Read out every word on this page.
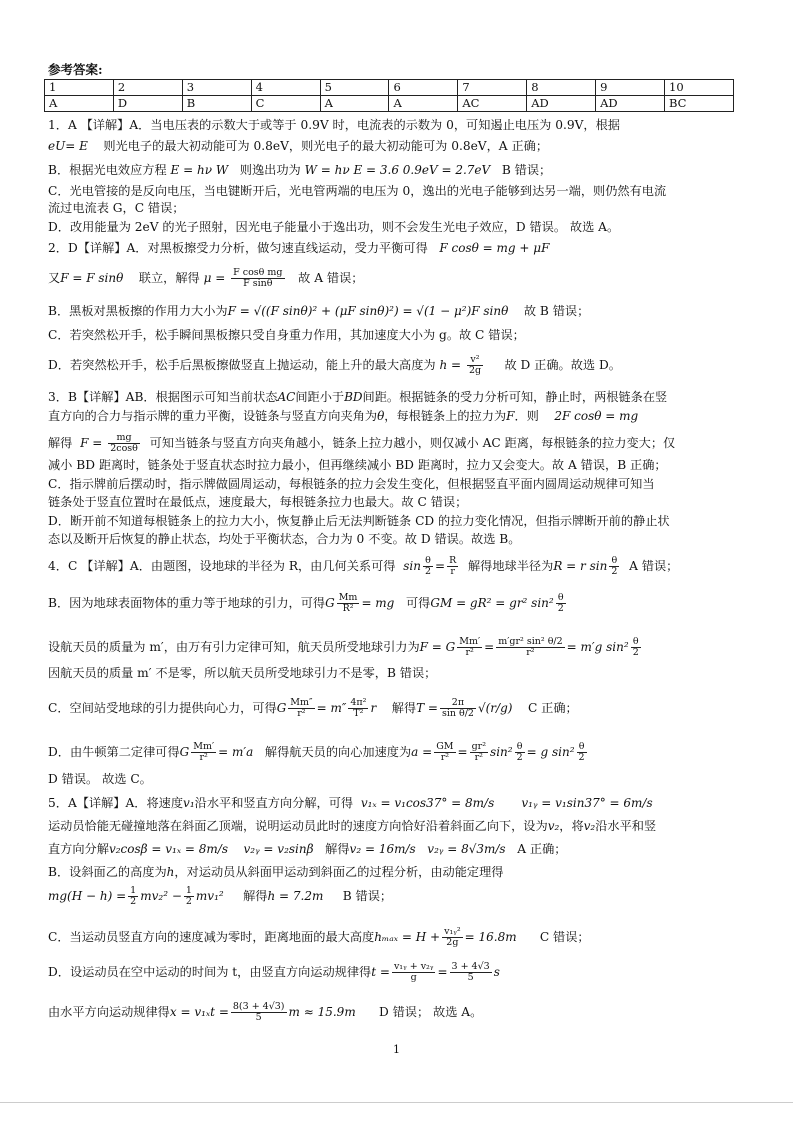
参考答案:
1	2	3	4	5	6	7	8	9	10
A	D	B	C	A	A	AC	AD	AD	BC
1．A 【详解】A．当电压表的示数大于或等于 0.9V 时，电流表的示数为 0，可知遏止电压为 0.9V，根据
eU= E 则光电子的最大初动能可为 0.8eV，则光电子的最大初动能可为 0.8eV，A 正确；
B．根据光电效应方程 E = hν W 则逸出功为 W = hν E = 3.6 0.9eV = 2.7eV B 错误；
C．光电管接的是反向电压，当电键断开后，光电管两端的电压为 0，逸出的光电子能够到达另一端，则仍然有电流
流过电流表 G，C 错误；
D．改用能量为 2eV 的光子照射，因光电子能量小于逸出功，则不会发生光电子效应，D 错误。 故选 A。
2．D【详解】A．对黑板擦受力分析，做匀速直线运动，受力平衡可得 F cosθ = mg + μF
又F = F sinθ 联立，解得 $\mu = \frac{\text{F cosθ mg}}{\text{F sinθ}}$ 故 A 错误；
B．黑板对黑板擦的作用力大小为F = √((F sinθ)² + (μF sinθ)²) = √(1 − μ²)F sinθ 故 B 错误；
C．若突然松开手，松手瞬间黑板擦只受自身重力作用，其加速度大小为 g。故 C 错误；
D．若突然松开手，松手后黑板擦做竖直上抛运动，能上升的最大高度为 $h = \frac{\text{v²}}{2g}$ 故 D 正确。故选 D。
3．B【详解】AB．根据图示可知当前状态AC间距小于BD间距。根据链条的受力分析可知，静止时，两根链条在竖
直方向的合力与指示牌的重力平衡，设链条与竖直方向夹角为θ，每根链条上的拉力为F．则 2F cosθ = mg
解得 $F = \frac{mg}{2\cos\theta}$ 可知当链条与竖直方向夹角越小，链条上拉力越小，则仅减小 AC 距离，每根链条的拉力变大；仅
减小 BD 距离时，链条处于竖直状态时拉力最小，但再继续减小 BD 距离时，拉力又会变大。故 A 错误，B 正确；
C．指示牌前后摆动时，指示牌做圆周运动，每根链条的拉力会发生变化，但根据竖直平面内圆周运动规律可知当
链条处于竖直位置时在最低点，速度最大，每根链条拉力也最大。故 C 错误；
D．断开前不知道每根链条上的拉力大小，恢复静止后无法判断链条 CD 的拉力变化情况，但指示牌断开前的静止状
态以及断开后恢复的静止状态，均处于平衡状态，合力为 0 不变。故 D 错误。故选 B。
4．C 【详解】A．由题图，设地球的半径为 R，由几何关系可得 $\sin \frac{\theta}{2} = \frac{R}{r}$ 解得地球半径为R = r $\sin \frac{\theta}{2}$ A 错误；
B．因为地球表面物体的重力等于地球的引力，可得G $\frac{Mm}{\text{R²}}$ = mg 可得GM = gR² = gr² $\sin^2 \frac{\theta}{2}$
设航天员的质量为 m′，由万有引力定律可知，航天员所受地球引力为F = G $\frac{Mm'}{\text{r²}} = \frac{\text{m′gr² sin² θ/2}}{\text{r²}} = m'g$ $\sin^2 \frac{\theta}{2}$
因航天员的质量 m′ 不是零，所以航天员所受地球引力不是零，B 错误；
C．空间站受地球的引力提供向心力，可得G $\frac{Mm''}{\text{r²}} = m'' \frac{\text{4π²}}{\text{T²}}$ r 解得$T = \frac{2\pi}{\text{sin θ/2}} √(r/g)$ C 正确；
D．由牛顿第二定律可得G $\frac{Mm'}{\text{r²}} = m'a$ 解得航天员的向心加速度为$a = \frac{GM}{\text{r²}} = \frac{\text{gr²}}{\text{r²}} \sin^2 \frac{\theta}{2} = g$ $\sin^2 \frac{\theta}{2}$
D 错误。 故选 C。
5．A【详解】A．将速度v₁沿水平和竖直方向分解，可得 v₁ₓ = v₁cos37° = 8m/s v₁ᵧ = v₁sin37° = 6m/s
运动员恰能无碰撞地落在斜面乙顶端，说明运动员此时的速度方向恰好沿着斜面乙向下，设为v₂，将v₂沿水平和竖
直方向分解v₂cosβ = v₁ₓ = 8m/s v₂ᵧ = v₂sinβ 解得v₂ = 16m/s v₂ᵧ = 8√3m/s A 正确；
B．设斜面乙的高度为h，对运动员从斜面甲运动到斜面乙的过程分析，由动能定理得
$mg(H - h) = \frac{1}{2} mv_2^2 - \frac{1}{2} mv_1^2$ 解得h = 7.2m B 错误；
C．当运动员竖直方向的速度减为零时，距离地面的最大高度$h_{max} = H + \frac{\text{v₁ᵧ²}}{2g} = 16.8m$ C 错误；
D．设运动员在空中运动的时间为 t，由竖直方向运动规律得$t = \frac{\text{v₁ᵧ + v₂ᵧ}}{g} = \frac{3 + 4√3}{5}$ s
由水平方向运动规律得$x = v_{1x}t = \frac{8(3 + 4√3)}{5}$ m ≈ 15.9m D 错误； 故选 A。
1
